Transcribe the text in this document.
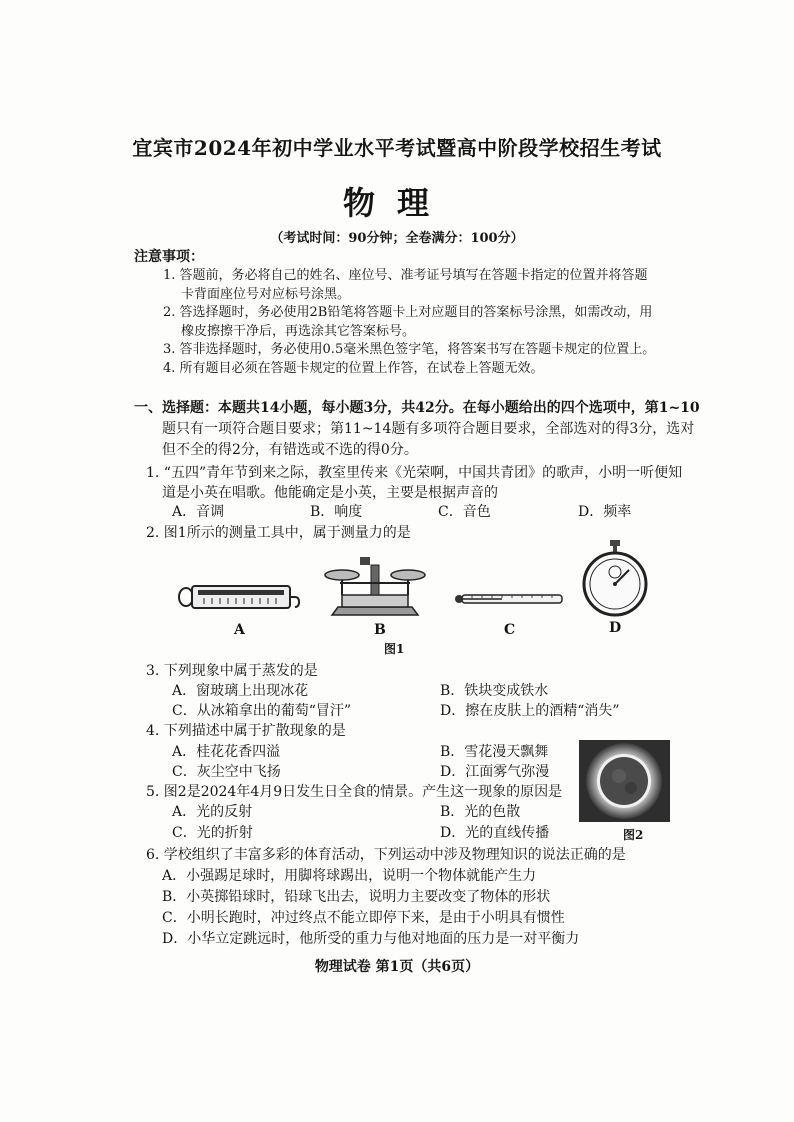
宜宾市2024年初中学业水平考试暨高中阶段学校招生考试
物理
（考试时间：90分钟；全卷满分：100分）
注意事项：
1. 答题前，务必将自己的姓名、座位号、准考证号填写在答题卡指定的位置并将答题
卡背面座位号对应标号涂黑。
2. 答选择题时，务必使用2B铅笔将答题卡上对应题目的答案标号涂黑，如需改动，用
橡皮擦擦干净后，再选涂其它答案标号。
3. 答非选择题时，务必使用0.5毫米黑色签字笔，将答案书写在答题卡规定的位置上。
4. 所有题目必须在答题卡规定的位置上作答，在试卷上答题无效。
一、选择题：本题共14小题，每小题3分，共42分。在每小题给出的四个选项中，第1~10
题只有一项符合题目要求；第11~14题有多项符合题目要求，全部选对的得3分，选对
但不全的得2分，有错选或不选的得0分。
1. “五四”青年节到来之际，教室里传来《光荣啊，中国共青团》的歌声，小明一听便知
道是小英在唱歌。他能确定是小英，主要是根据声音的
A．音调	B．响度	C．音色	D．频率
2. 图1所示的测量工具中，属于测量力的是
A	B	C	D
图1
3. 下列现象中属于蒸发的是
A．窗玻璃上出现冰花	B．铁块变成铁水
C．从冰箱拿出的葡萄“冒汗”	D．擦在皮肤上的酒精“消失”
4. 下列描述中属于扩散现象的是
A．桂花花香四溢	B．雪花漫天飘舞
C．灰尘空中飞扬	D．江面雾气弥漫
5. 图2是2024年4月9日发生日全食的情景。产生这一现象的原因是
A．光的反射	B．光的色散
C．光的折射	D．光的直线传播	图2
6. 学校组织了丰富多彩的体育活动，下列运动中涉及物理知识的说法正确的是
A．小强踢足球时，用脚将球踢出，说明一个物体就能产生力
B．小英掷铅球时，铅球飞出去，说明力主要改变了物体的形状
C．小明长跑时，冲过终点不能立即停下来，是由于小明具有惯性
D．小华立定跳远时，他所受的重力与他对地面的压力是一对平衡力
物理试卷 第1页（共6页）
